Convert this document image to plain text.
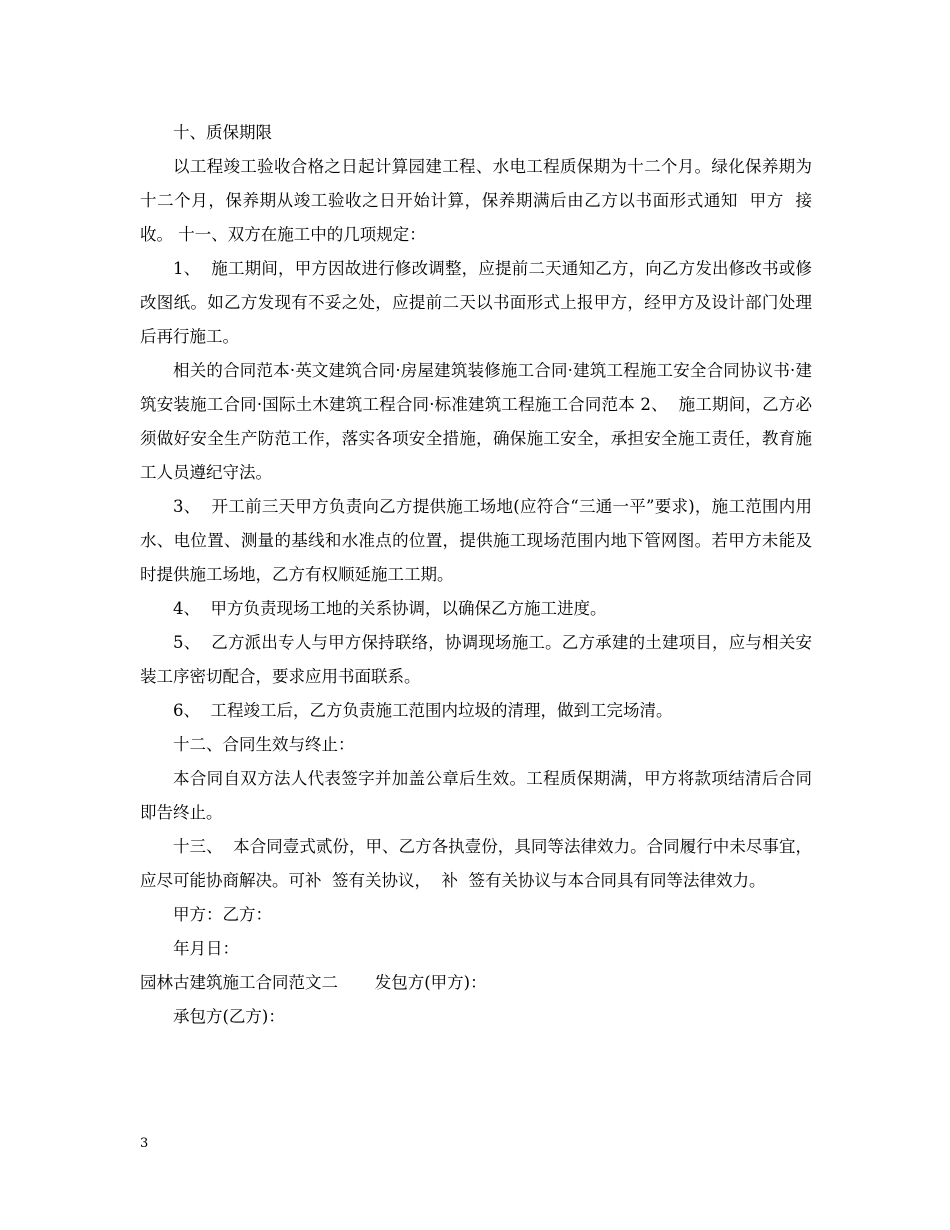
十、质保期限

以工程竣工验收合格之日起计算园建工程、水电工程质保期为十二个月。绿化保养期为十二个月，保养期从竣工验收之日开始计算，保养期满后由乙方以书面形式通知  甲方  接收。 十一、双方在施工中的几项规定：

1、  施工期间，甲方因故进行修改调整，应提前二天通知乙方，向乙方发出修改书或修改图纸。如乙方发现有不妥之处，应提前二天以书面形式上报甲方，经甲方及设计部门处理后再行施工。

相关的合同范本·英文建筑合同·房屋建筑装修施工合同·建筑工程施工安全合同协议书·建筑安装施工合同·国际土木建筑工程合同·标准建筑工程施工合同范本 2、  施工期间，乙方必须做好安全生产防范工作，落实各项安全措施，确保施工安全，承担安全施工责任，教育施工人员遵纪守法。

3、  开工前三天甲方负责向乙方提供施工场地(应符合“三通一平”要求)，施工范围内用水、电位置、测量的基线和水准点的位置，提供施工现场范围内地下管网图。若甲方未能及时提供施工场地，乙方有权顺延施工工期。

4、  甲方负责现场工地的关系协调，以确保乙方施工进度。

5、  乙方派出专人与甲方保持联络，协调现场施工。乙方承建的土建项目，应与相关安装工序密切配合，要求应用书面联系。

6、  工程竣工后，乙方负责施工范围内垃圾的清理，做到工完场清。

十二、合同生效与终止：

本合同自双方法人代表签字并加盖公章后生效。工程质保期满，甲方将款项结清后合同即告终止。

十三、  本合同壹式贰份，甲、乙方各执壹份，具同等法律效力。合同履行中未尽事宜，应尽可能协商解决。可补  签有关协议，  补  签有关协议与本合同具有同等法律效力。

甲方：乙方：

年月日：

园林古建筑施工合同范文二       发包方(甲方)：

承包方(乙方)：

3
